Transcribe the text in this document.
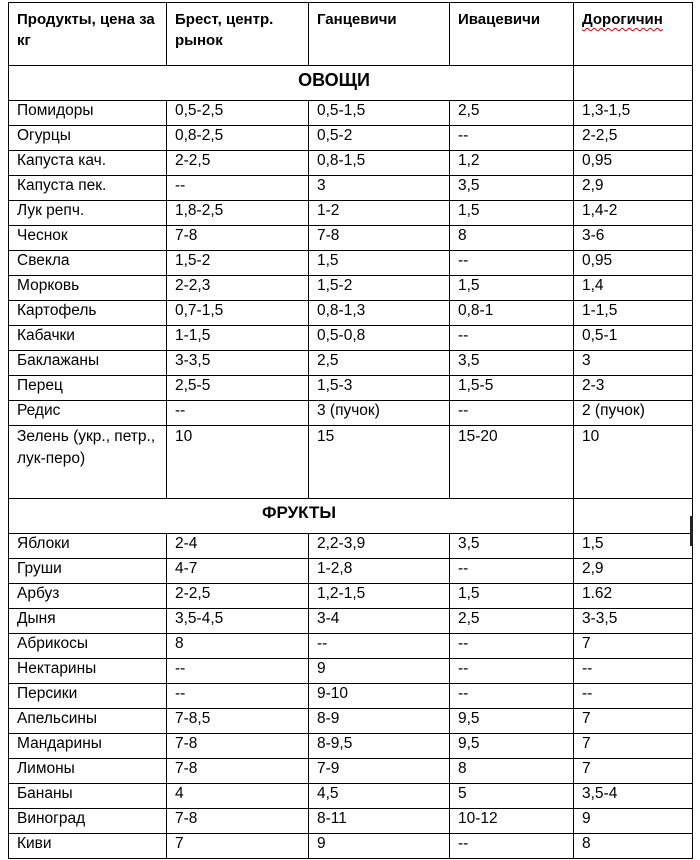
Продукты, цена за кг	Брест, центр. рынок	Ганцевичи	Ивацевичи	Дорогичин
ОВОЩИ				
Помидоры	0,5-2,5	0,5-1,5	2,5	1,3-1,5
Огурцы	0,8-2,5	0,5-2	--	2-2,5
Капуста кач.	2-2,5	0,8-1,5	1,2	0,95
Капуста пек.	--	3	3,5	2,9
Лук репч.	1,8-2,5	1-2	1,5	1,4-2
Чеснок	7-8	7-8	8	3-6
Свекла	1,5-2	1,5	--	0,95
Морковь	2-2,3	1,5-2	1,5	1,4
Картофель	0,7-1,5	0,8-1,3	0,8-1	1-1,5
Кабачки	1-1,5	0,5-0,8	--	0,5-1
Баклажаны	3-3,5	2,5	3,5	3
Перец	2,5-5	1,5-3	1,5-5	2-3
Редис	--	3 (пучок)	--	2 (пучок)
Зелень (укр., петр., лук-перо)	10	15	15-20	10
ФРУКТЫ				
Яблоки	2-4	2,2-3,9	3,5	1,5
Груши	4-7	1-2,8	--	2,9
Арбуз	2-2,5	1,2-1,5	1,5	1.62
Дыня	3,5-4,5	3-4	2,5	3-3,5
Абрикосы	8	--	--	7
Нектарины	--	9	--	--
Персики	--	9-10	--	--
Апельсины	7-8,5	8-9	9,5	7
Мандарины	7-8	8-9,5	9,5	7
Лимоны	7-8	7-9	8	7
Бананы	4	4,5	5	3,5-4
Виноград	7-8	8-11	10-12	9
Киви	7	9	--	8
